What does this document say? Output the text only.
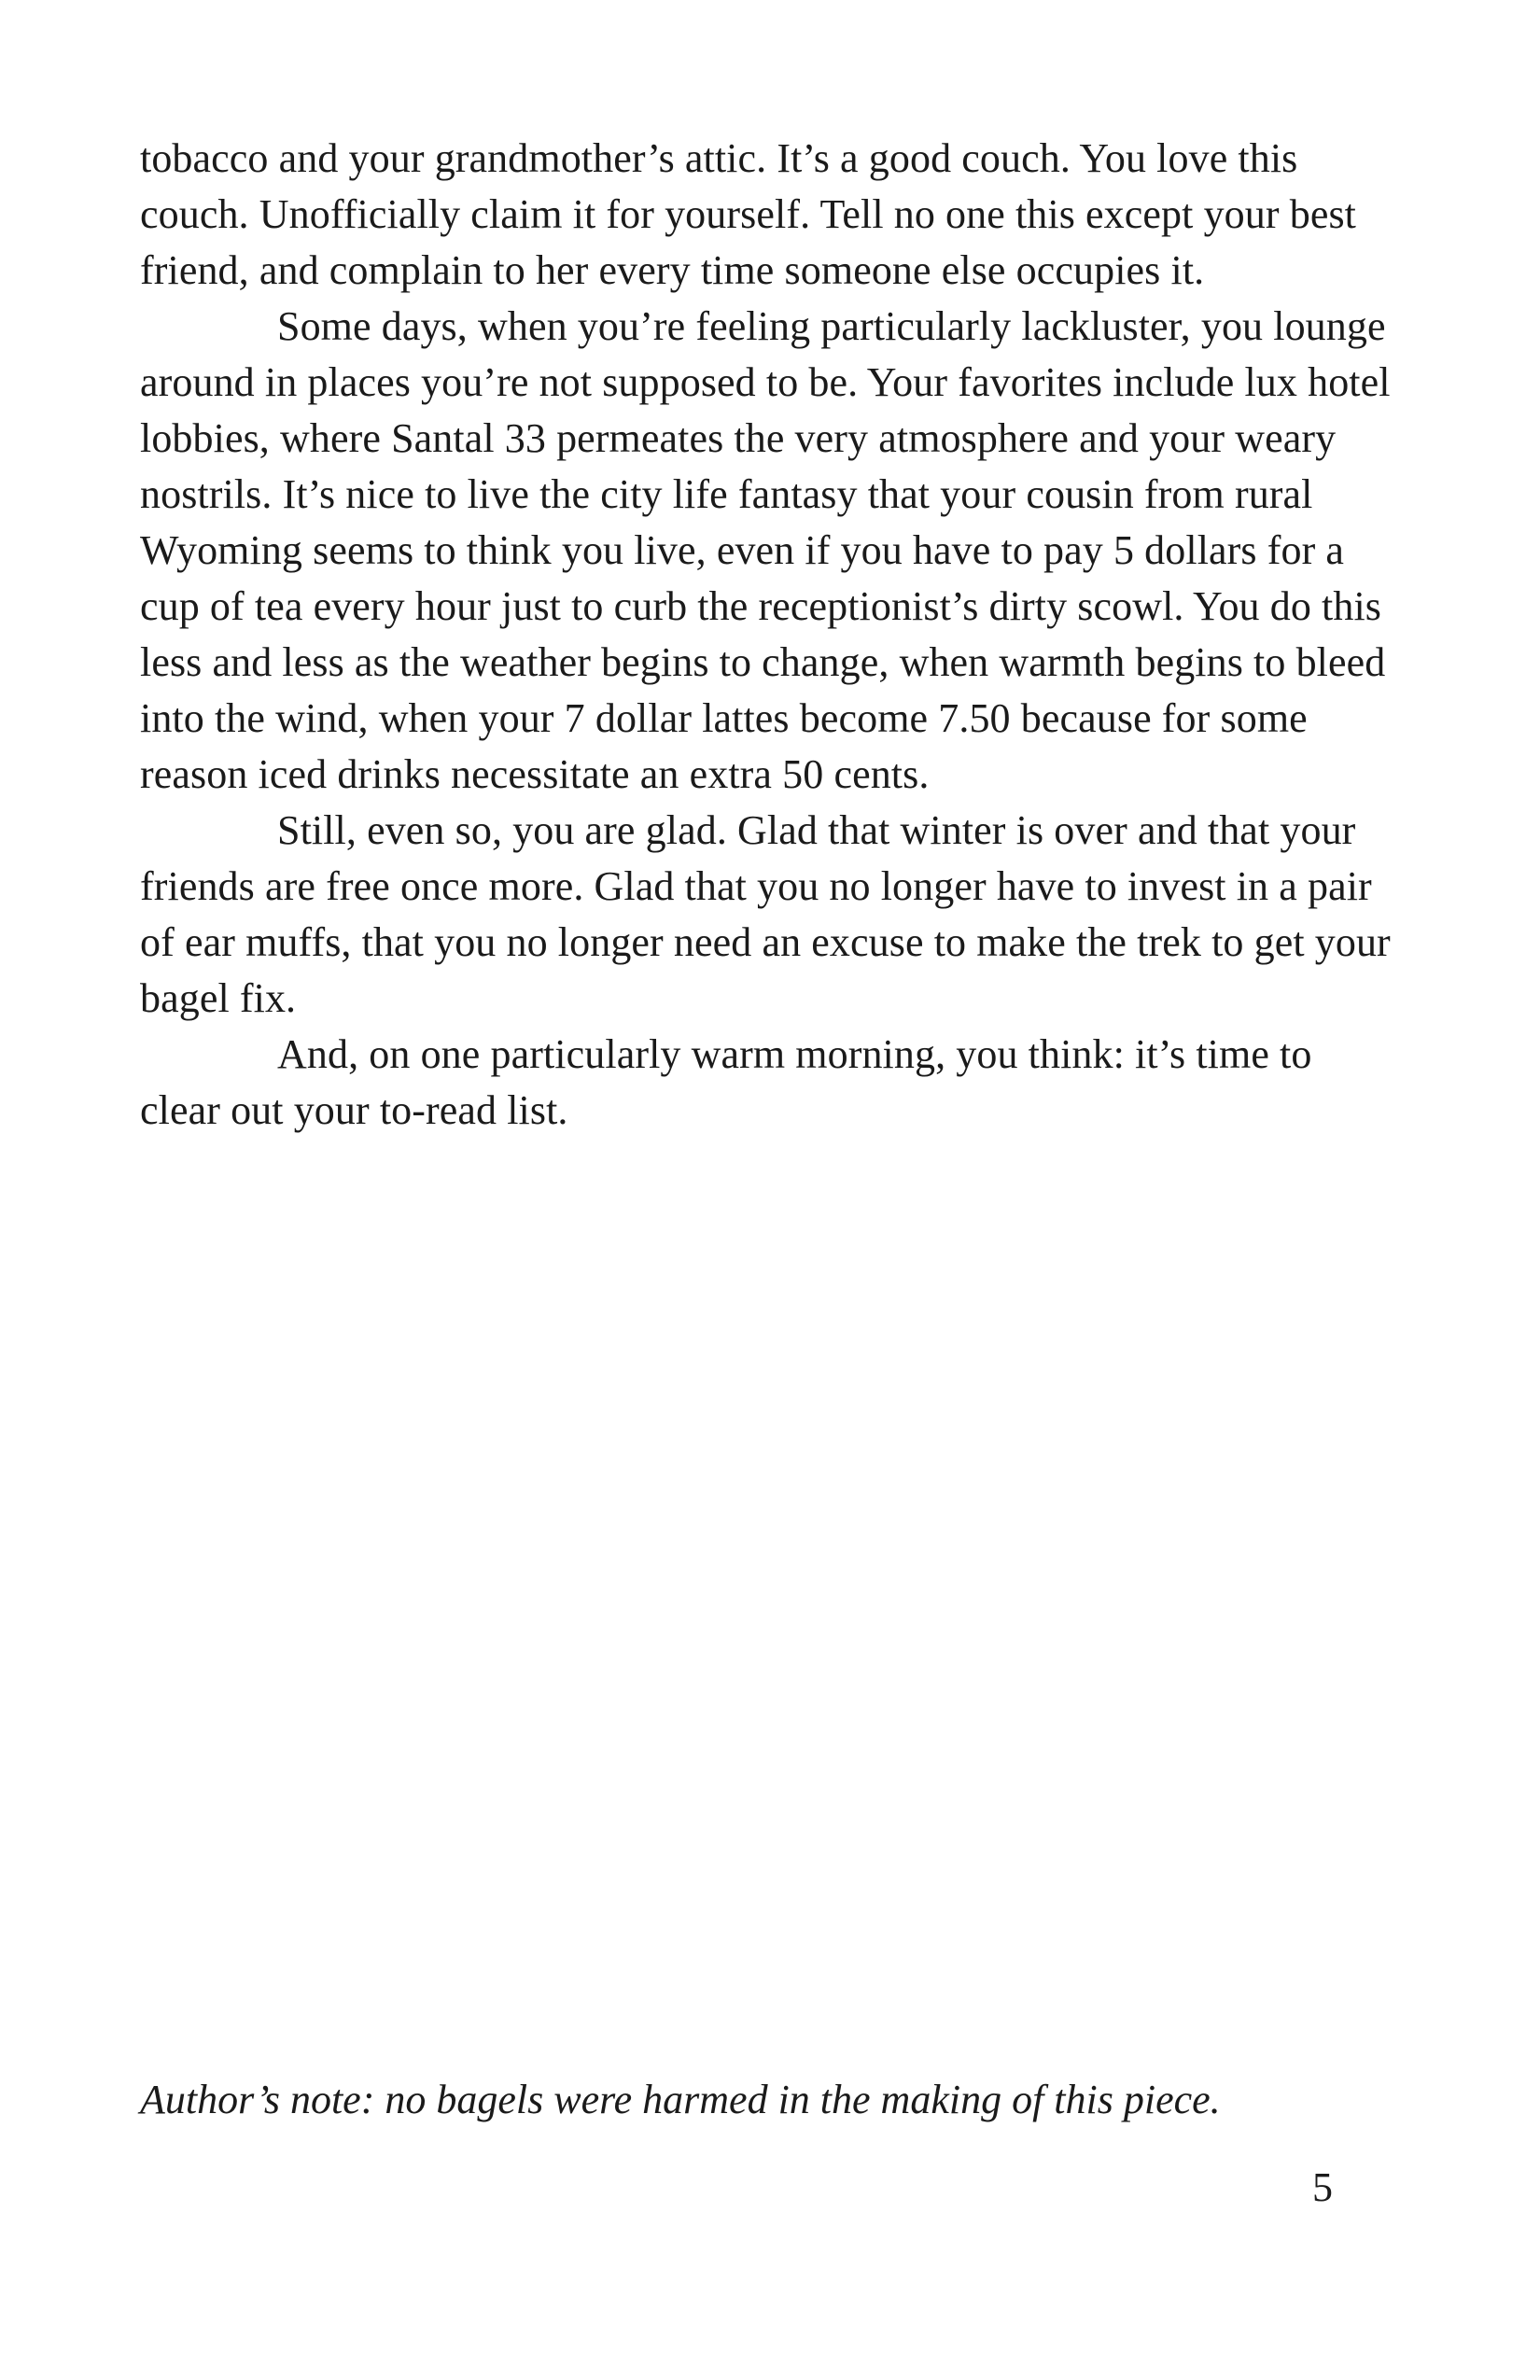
tobacco and your grandmother’s attic. It’s a good couch. You love this couch. Unofficially claim it for yourself. Tell no one this except your best friend, and complain to her every time someone else occupies it.

Some days, when you’re feeling particularly lackluster, you lounge around in places you’re not supposed to be. Your favorites include lux hotel lobbies, where Santal 33 permeates the very atmosphere and your weary nostrils. It’s nice to live the city life fantasy that your cousin from rural Wyoming seems to think you live, even if you have to pay 5 dollars for a cup of tea every hour just to curb the receptionist’s dirty scowl. You do this less and less as the weather begins to change, when warmth begins to bleed into the wind, when your 7 dollar lattes become 7.50 because for some reason iced drinks necessitate an extra 50 cents.

Still, even so, you are glad. Glad that winter is over and that your friends are free once more. Glad that you no longer have to invest in a pair of ear muffs, that you no longer need an excuse to make the trek to get your bagel fix.

And, on one particularly warm morning, you think: it’s time to clear out your to-read list.

Author’s note: no bagels were harmed in the making of this piece.

5
